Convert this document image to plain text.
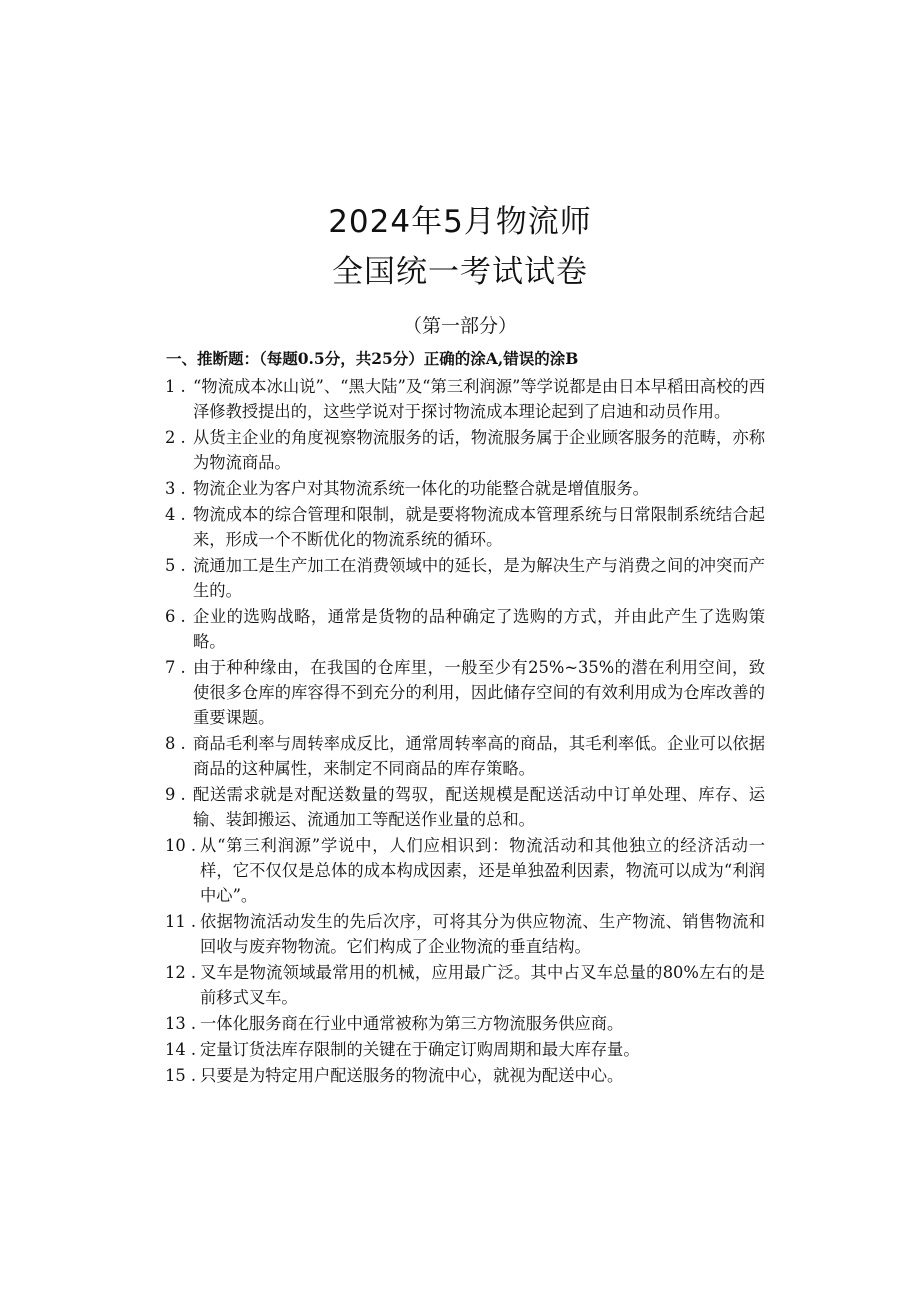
2024年5月物流师
全国统一考试试卷
（第一部分）
一、推断题：（每题0.5分，共25分）正确的涂A,错误的涂B
1 . “物流成本冰山说”、“黑大陆”及“第三利润源”等学说都是由日本早稻田高校的西泽修教授提出的，这些学说对于探讨物流成本理论起到了启迪和动员作用。
2 . 从货主企业的角度视察物流服务的话，物流服务属于企业顾客服务的范畴，亦称为物流商品。
3 . 物流企业为客户对其物流系统一体化的功能整合就是增值服务。
4 . 物流成本的综合管理和限制，就是要将物流成本管理系统与日常限制系统结合起来，形成一个不断优化的物流系统的循环。
5 . 流通加工是生产加工在消费领域中的延长，是为解决生产与消费之间的冲突而产生的。
6 . 企业的选购战略，通常是货物的品种确定了选购的方式，并由此产生了选购策略。
7 . 由于种种缘由，在我国的仓库里，一般至少有25%~35%的潜在利用空间，致使很多仓库的库容得不到充分的利用，因此储存空间的有效利用成为仓库改善的重要课题。
8 . 商品毛利率与周转率成反比，通常周转率高的商品，其毛利率低。企业可以依据商品的这种属性，来制定不同商品的库存策略。
9 . 配送需求就是对配送数量的驾驭，配送规模是配送活动中订单处理、库存、运输、装卸搬运、流通加工等配送作业量的总和。
10 . 从“第三利润源”学说中，人们应相识到：物流活动和其他独立的经济活动一样，它不仅仅是总体的成本构成因素，还是单独盈利因素，物流可以成为“利润中心”。
11 . 依据物流活动发生的先后次序，可将其分为供应物流、生产物流、销售物流和回收与废弃物物流。它们构成了企业物流的垂直结构。
12 . 叉车是物流领域最常用的机械，应用最广泛。其中占叉车总量的80%左右的是前移式叉车。
13 . 一体化服务商在行业中通常被称为第三方物流服务供应商。
14 . 定量订货法库存限制的关键在于确定订购周期和最大库存量。
15 . 只要是为特定用户配送服务的物流中心，就视为配送中心。
